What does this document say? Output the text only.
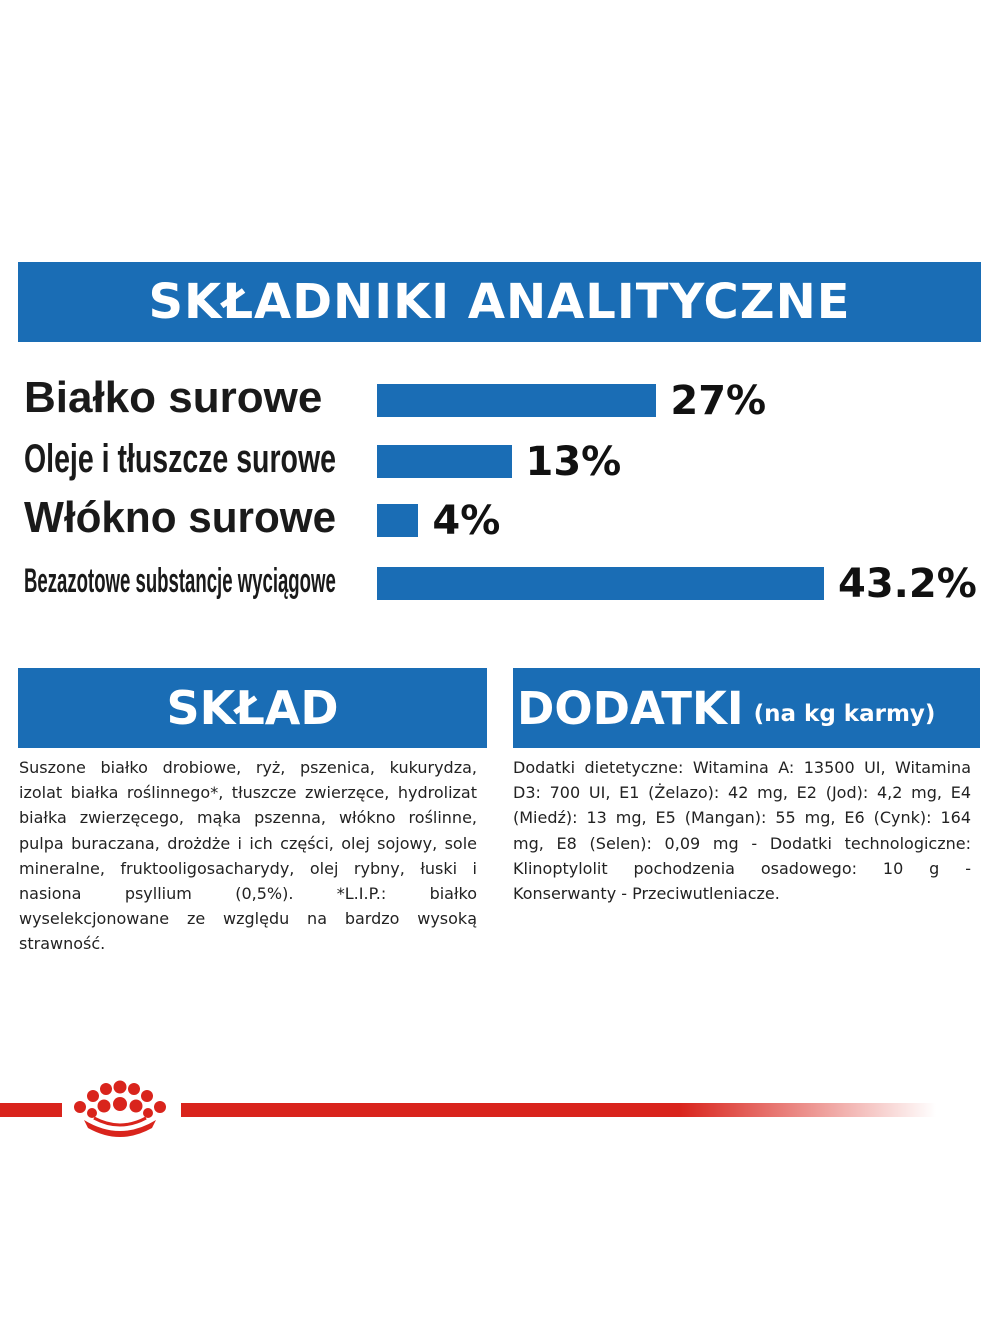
SKŁADNIKI ANALITYCZNE
Białko surowe	27%
Oleje i tłuszcze surowe	13%
Włókno surowe 4%
Bezazotowe substancje wyciągowe	43.2%
SKŁAD	DODATKI (na kg karmy)
Suszone białko drobiowe, ryż, pszenica, kukurydza, izolat białka roślinnego*, tłuszcze zwierzęce, hydrolizat białka zwierzęcego, mąka pszenna, włókno roślinne, pulpa buraczana, drożdże i ich części, olej sojowy, sole mineralne, fruktooligosacharydy, olej rybny, łuski i nasiona psyllium (0,5%). *L.I.P.: białko wyselekcjonowane ze względu na bardzo wysoką strawność.
Dodatki dietetyczne: Witamina A: 13500 UI, Witamina D3: 700 UI, E1 (Żelazo): 42 mg, E2 (Jod): 4,2 mg, E4 (Miedź): 13 mg, E5 (Mangan): 55 mg, E6 (Cynk): 164 mg, E8 (Selen): 0,09 mg - Dodatki technologiczne: Klinoptylolit pochodzenia osadowego: 10 g - Konserwanty - Przeciwutleniacze.
